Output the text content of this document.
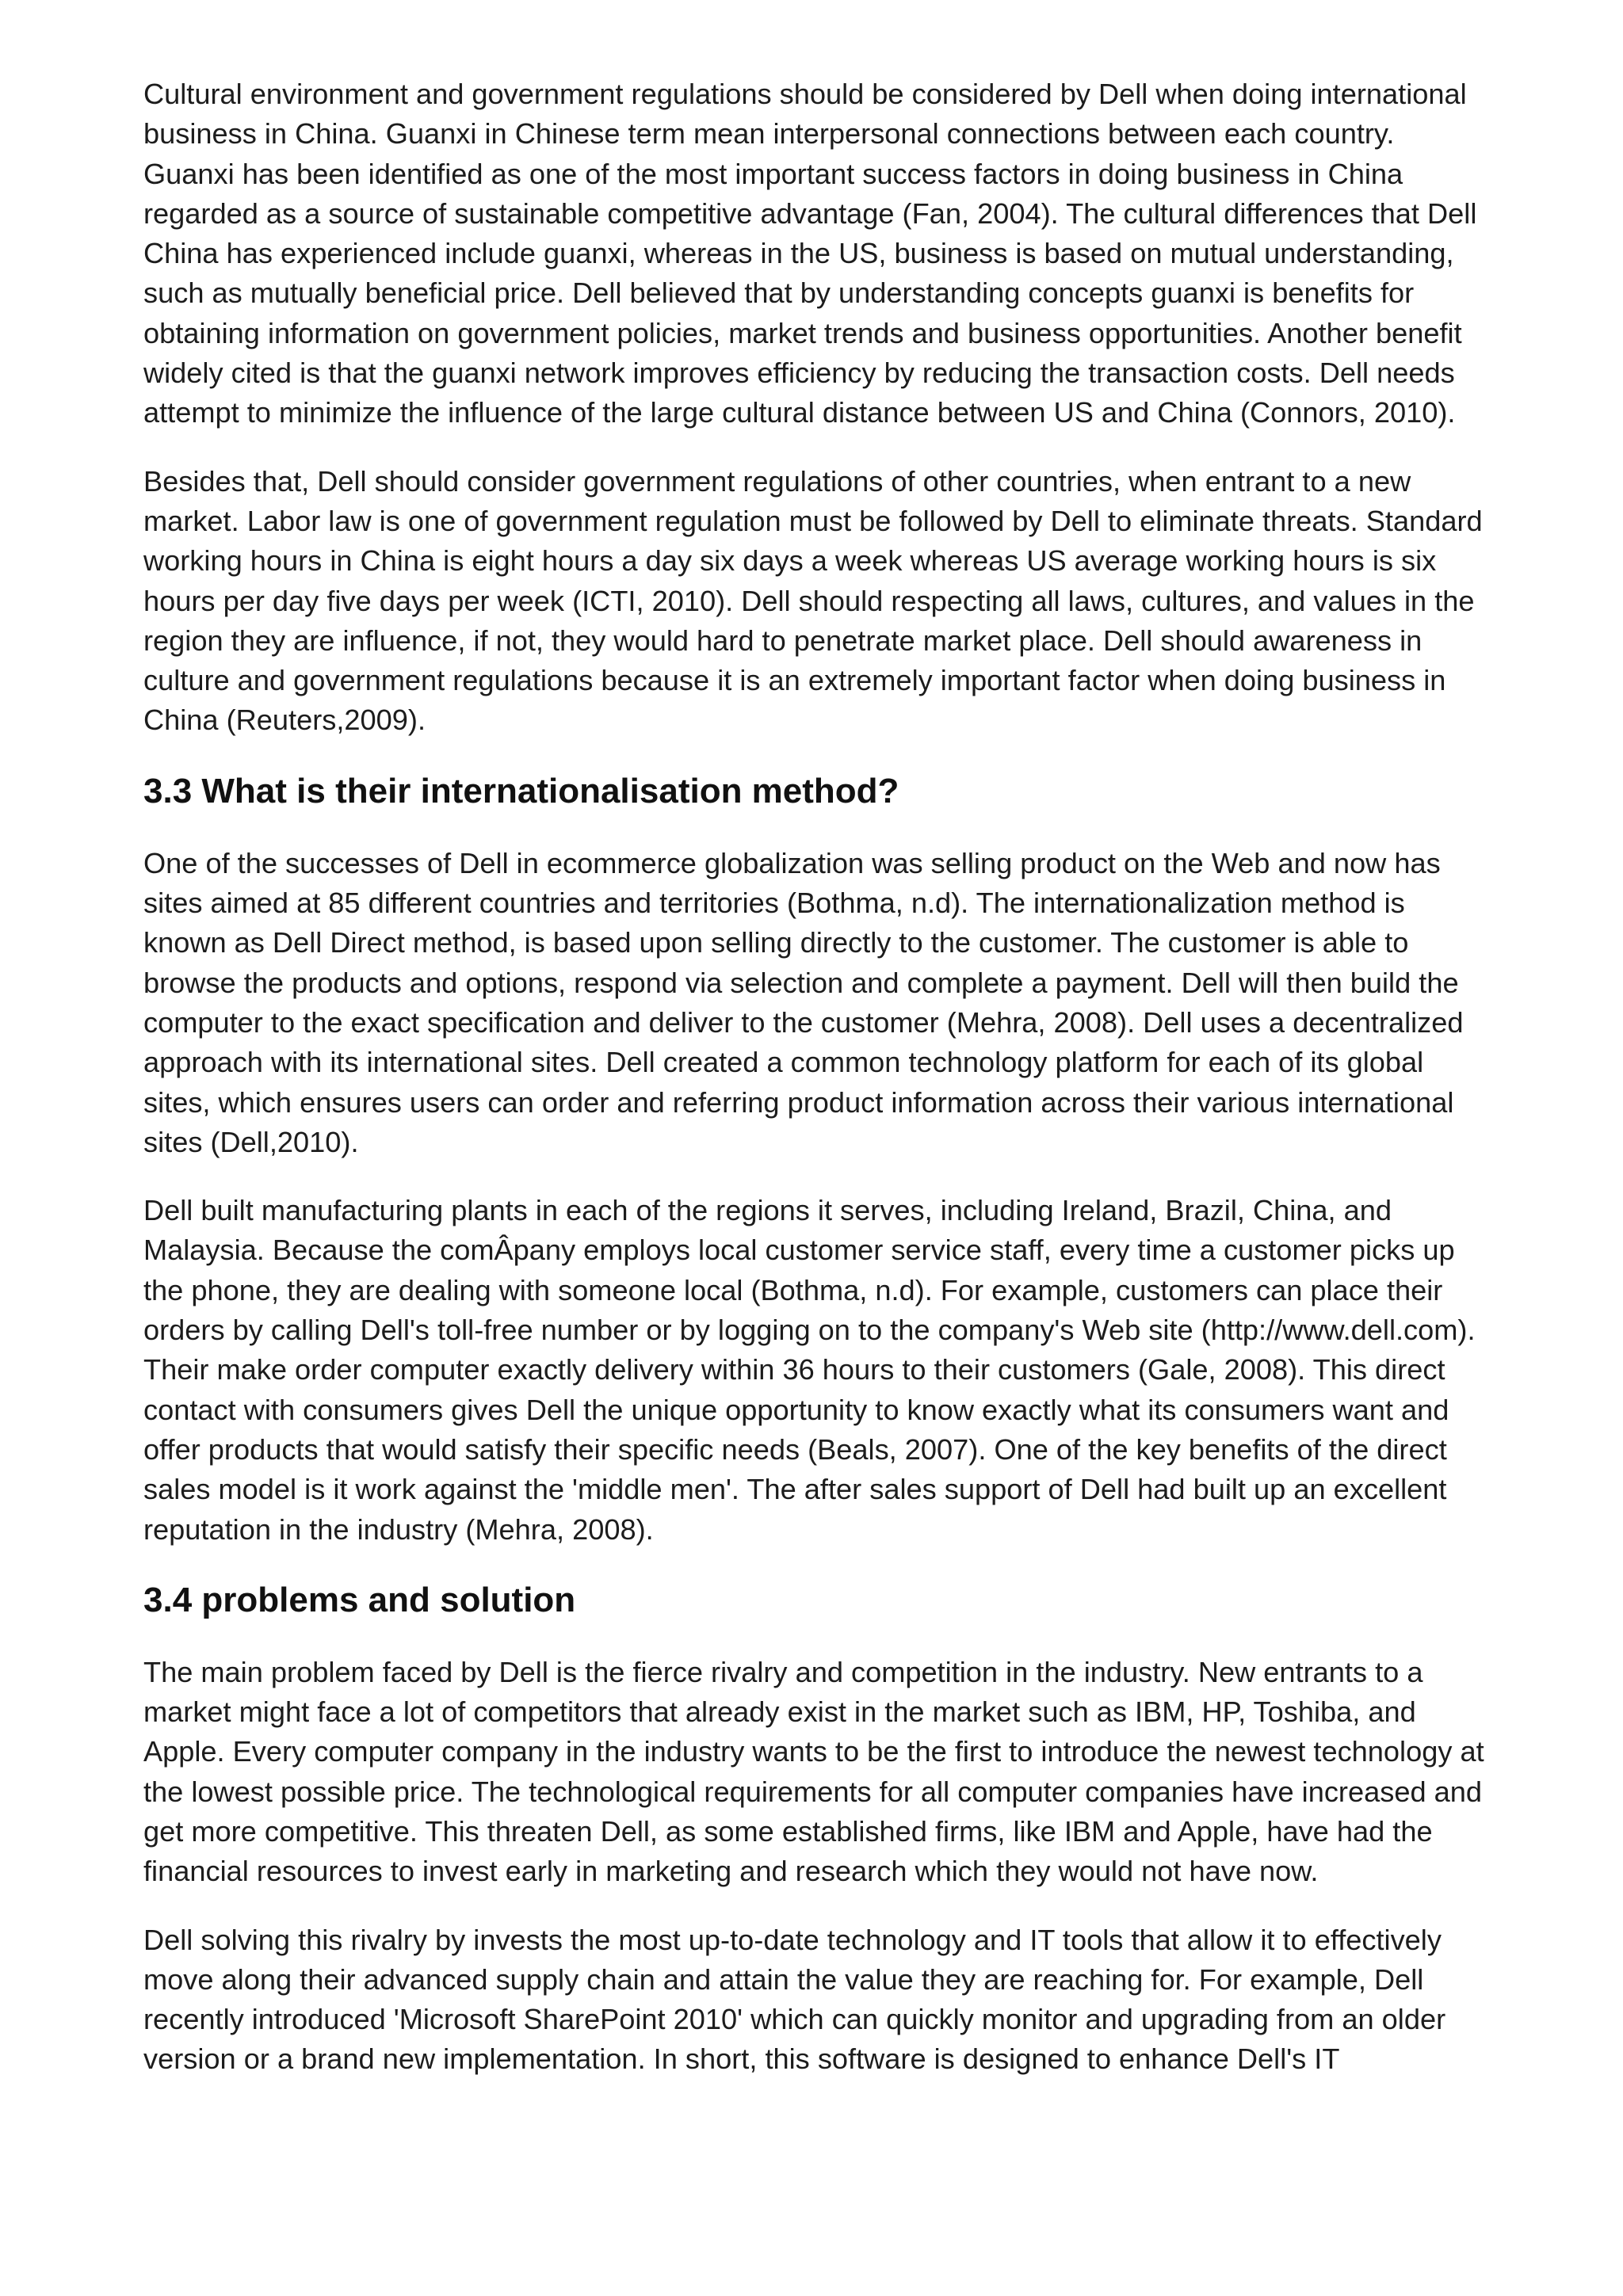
Cultural environment and government regulations should be considered by Dell when doing international business in China. Guanxi in Chinese term mean interpersonal connections between each country. Guanxi has been identified as one of the most important success factors in doing business in China regarded as a source of sustainable competitive advantage (Fan, 2004). The cultural differences that Dell China has experienced include guanxi, whereas in the US, business is based on mutual understanding, such as mutually beneficial price. Dell believed that by understanding concepts guanxi is benefits for obtaining information on government policies, market trends and business opportunities. Another benefit widely cited is that the guanxi network improves efficiency by reducing the transaction costs. Dell needs attempt to minimize the influence of the large cultural distance between US and China (Connors, 2010).

Besides that, Dell should consider government regulations of other countries, when entrant to a new market. Labor law is one of government regulation must be followed by Dell to eliminate threats. Standard working hours in China is eight hours a day six days a week whereas US average working hours is six hours per day five days per week (ICTI, 2010). Dell should respecting all laws, cultures, and values in the region they are influence, if not, they would hard to penetrate market place. Dell should awareness in culture and government regulations because it is an extremely important factor when doing business in China (Reuters,2009).

3.3 What is their internationalisation method?

One of the successes of Dell in ecommerce globalization was selling product on the Web and now has sites aimed at 85 different countries and territories (Bothma, n.d). The internationalization method is known as Dell Direct method, is based upon selling directly to the customer. The customer is able to browse the products and options, respond via selection and complete a payment. Dell will then build the computer to the exact specification and deliver to the customer (Mehra, 2008). Dell uses a decentralized approach with its international sites. Dell created a common technology platform for each of its global sites, which ensures users can order and referring product information across their various international sites (Dell,2010).

Dell built manufacturing plants in each of the regions it serves, including Ireland, Brazil, China, and Malaysia. Because the comÂpany employs local customer service staff, every time a customer picks up the phone, they are dealing with someone local (Bothma, n.d). For example, customers can place their orders by calling Dell's toll-free number or by logging on to the company's Web site (http://www.dell.com). Their make order computer exactly delivery within 36 hours to their customers (Gale, 2008). This direct contact with consumers gives Dell the unique opportunity to know exactly what its consumers want and offer products that would satisfy their specific needs (Beals, 2007). One of the key benefits of the direct sales model is it work against the 'middle men'. The after sales support of Dell had built up an excellent reputation in the industry (Mehra, 2008).

3.4 problems and solution

The main problem faced by Dell is the fierce rivalry and competition in the industry. New entrants to a market might face a lot of competitors that already exist in the market such as IBM, HP, Toshiba, and Apple. Every computer company in the industry wants to be the first to introduce the newest technology at the lowest possible price. The technological requirements for all computer companies have increased and get more competitive. This threaten Dell, as some established firms, like IBM and Apple, have had the financial resources to invest early in marketing and research which they would not have now.

Dell solving this rivalry by invests the most up-to-date technology and IT tools that allow it to effectively move along their advanced supply chain and attain the value they are reaching for. For example, Dell recently introduced 'Microsoft SharePoint 2010' which can quickly monitor and upgrading from an older version or a brand new implementation. In short, this software is designed to enhance Dell's IT
